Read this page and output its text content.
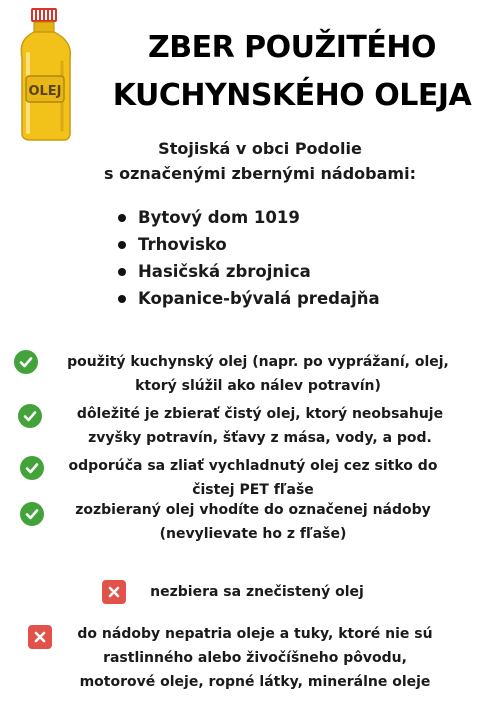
OLEJ
ZBER POUŽITÉHO
KUCHYNSKÉHO OLEJA

Stojiská v obci Podolie
s označenými zbernými nádobami:

Bytový dom 1019
Trhovisko
Hasičská zbrojnica
Kopanice-bývalá predajňa
použitý kuchynský olej (napr. po vyprážaní, olej,
ktorý slúžil ako nálev potravín)
dôležité je zbierať čistý olej, ktorý neobsahuje
zvyšky potravín, šťavy z mása, vody, a pod.
odporúča sa zliať vychladnutý olej cez sitko do
čistej PET fľaše
zozbieraný olej vhodíte do označenej nádoby
(nevylievate ho z fľaše)
nezbiera sa znečistený olej
do nádoby nepatria oleje a tuky, ktoré nie sú
rastlinného alebo živočíšneho pôvodu,
motorové oleje, ropné látky, minerálne oleje
